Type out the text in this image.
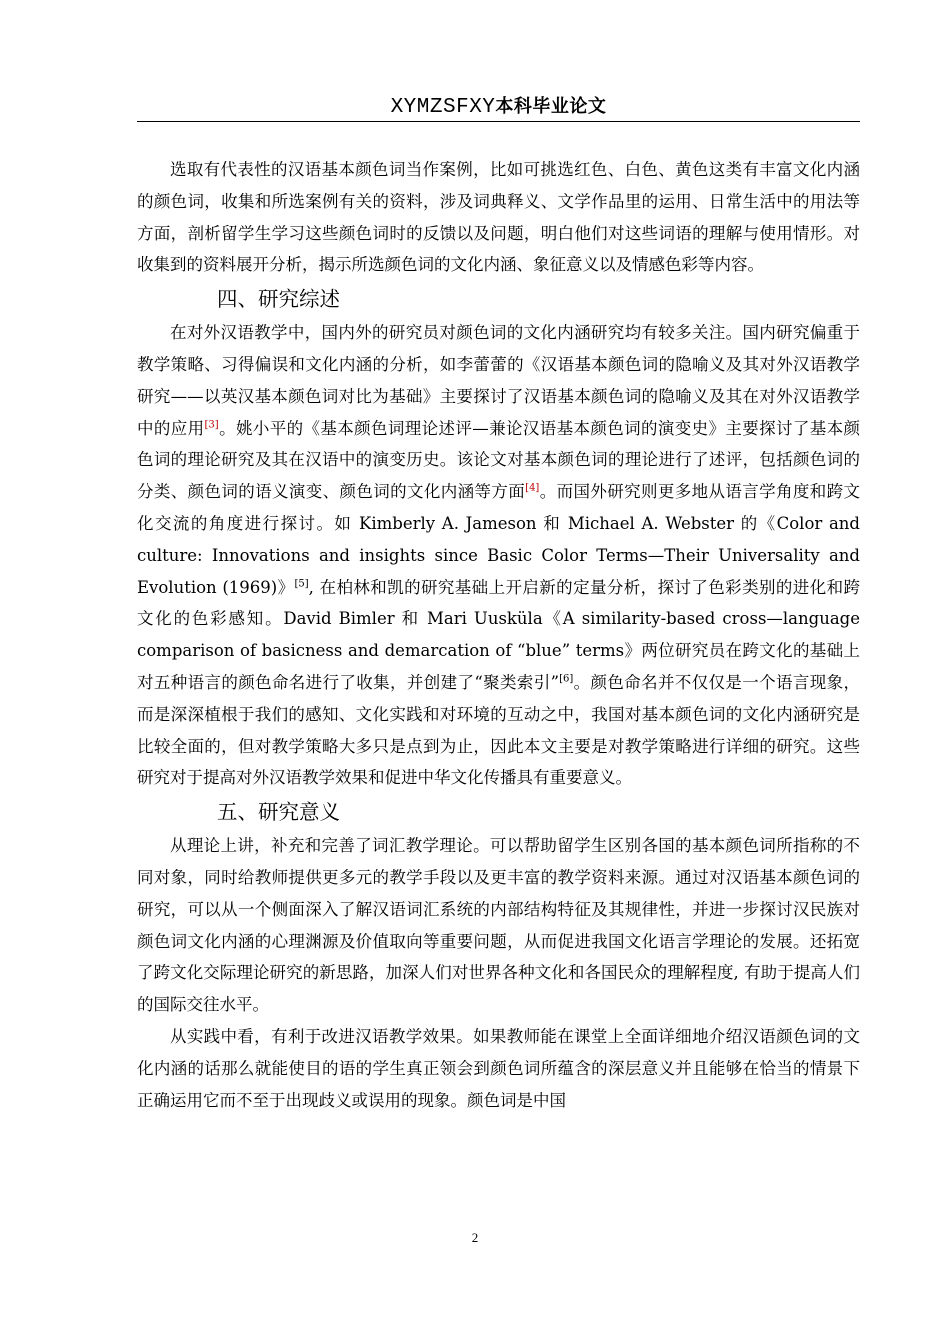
XYMZSFXY本科毕业论文

选取有代表性的汉语基本颜色词当作案例，比如可挑选红色、白色、黄色这类有丰富文化内涵的颜色词，收集和所选案例有关的资料，涉及词典释义、文学作品里的运用、日常生活中的用法等方面，剖析留学生学习这些颜色词时的反馈以及问题，明白他们对这些词语的理解与使用情形。对收集到的资料展开分析，揭示所选颜色词的文化内涵、象征意义以及情感色彩等内容。

四、研究综述

在对外汉语教学中，国内外的研究员对颜色词的文化内涵研究均有较多关注。国内研究偏重于教学策略、习得偏误和文化内涵的分析，如李蕾蕾的《汉语基本颜色词的隐喻义及其对外汉语教学研究——以英汉基本颜色词对比为基础》主要探讨了汉语基本颜色词的隐喻义及其在对外汉语教学中的应用[3]。姚小平的《基本颜色词理论述评—兼论汉语基本颜色词的演变史》主要探讨了基本颜色词的理论研究及其在汉语中的演变历史。该论文对基本颜色词的理论进行了述评，包括颜色词的分类、颜色词的语义演变、颜色词的文化内涵等方面[4]。而国外研究则更多地从语言学角度和跨文化交流的角度进行探讨。如 Kimberly A. Jameson 和 Michael A. Webster 的《Color and culture: Innovations and insights since Basic Color Terms—Their Universality and Evolution (1969)》[5], 在柏林和凯的研究基础上开启新的定量分析，探讨了色彩类别的进化和跨文化的色彩感知。David Bimler 和 Mari Uusküla《A similarity-based cross—language comparison of basicness and demarcation of “blue” terms》两位研究员在跨文化的基础上对五种语言的颜色命名进行了收集，并创建了“聚类索引”[6]。颜色命名并不仅仅是一个语言现象，而是深深植根于我们的感知、文化实践和对环境的互动之中，我国对基本颜色词的文化内涵研究是比较全面的，但对教学策略大多只是点到为止，因此本文主要是对教学策略进行详细的研究。这些研究对于提高对外汉语教学效果和促进中华文化传播具有重要意义。

五、研究意义

从理论上讲，补充和完善了词汇教学理论。可以帮助留学生区别各国的基本颜色词所指称的不同对象，同时给教师提供更多元的教学手段以及更丰富的教学资料来源。通过对汉语基本颜色词的研究，可以从一个侧面深入了解汉语词汇系统的内部结构特征及其规律性，并进一步探讨汉民族对颜色词文化内涵的心理渊源及价值取向等重要问题，从而促进我国文化语言学理论的发展。还拓宽了跨文化交际理论研究的新思路，加深人们对世界各种文化和各国民众的理解程度, 有助于提高人们的国际交往水平。

从实践中看，有利于改进汉语教学效果。如果教师能在课堂上全面详细地介绍汉语颜色词的文化内涵的话那么就能使目的语的学生真正领会到颜色词所蕴含的深层意义并且能够在恰当的情景下正确运用它而不至于出现歧义或误用的现象。颜色词是中国

2
